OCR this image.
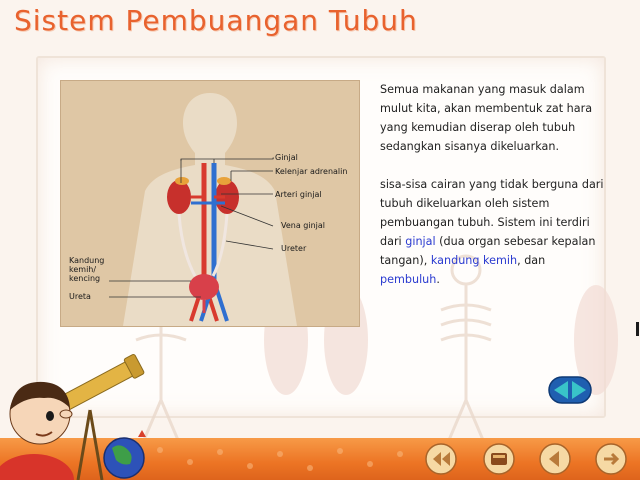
Sistem Pembuangan Tubuh
Ginjal
Kelenjar adrenalin
Arteri ginjal
Vena ginjal
Ureter
Kandung
kemih/
kencing
Ureta

Semua makanan yang masuk dalam mulut kita, akan membentuk zat hara yang kemudian diserap oleh tubuh sedangkan sisanya dikeluarkan.

sisa-sisa cairan yang tidak berguna dari tubuh dikeluarkan oleh sistem pembuangan tubuh. Sistem ini terdiri dari ginjal (dua organ sebesar kepalan tangan), kandung kemih, dan pembuluh.
